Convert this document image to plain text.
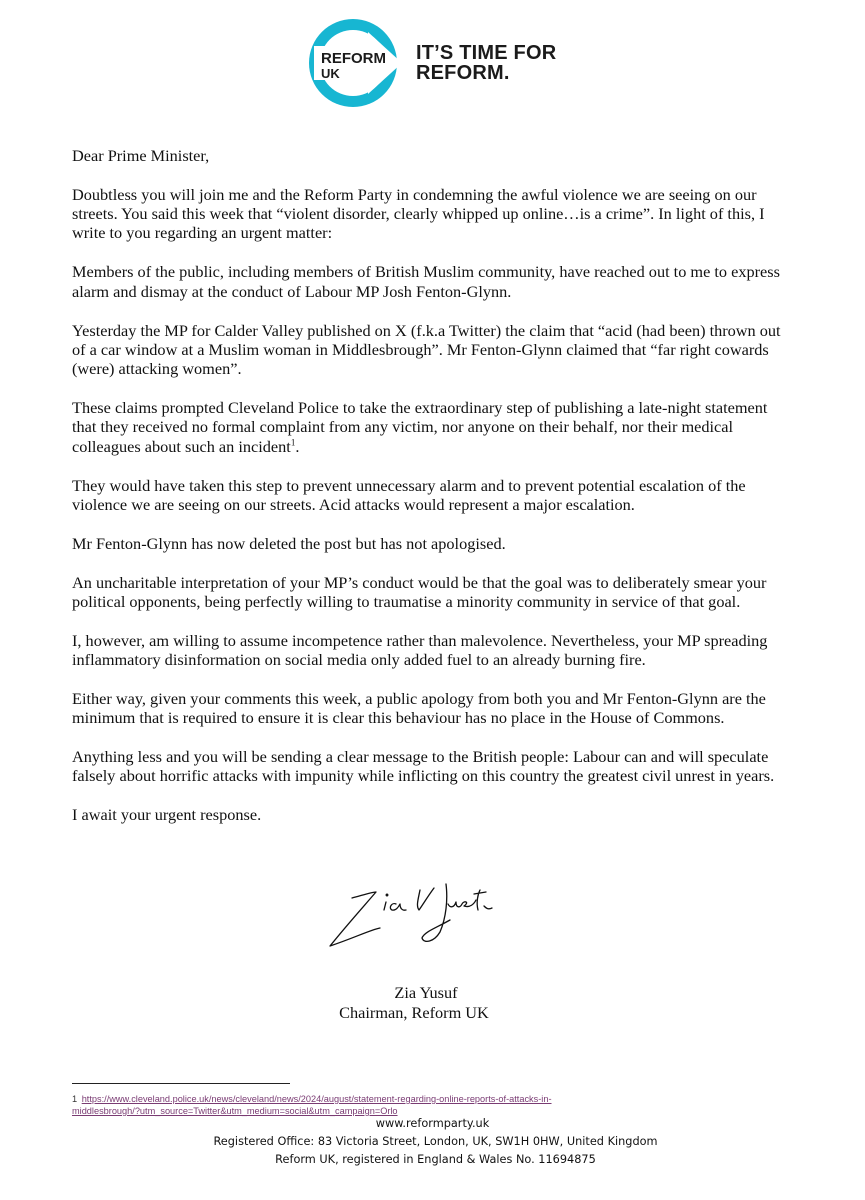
REFORM
UK
IT’S TIME FOR
REFORM.

Dear Prime Minister,

Doubtless you will join me and the Reform Party in condemning the awful violence we are seeing on our streets. You said this week that “violent disorder, clearly whipped up online…is a crime”. In light of this, I write to you regarding an urgent matter:

Members of the public, including members of British Muslim community, have reached out to me to express alarm and dismay at the conduct of Labour MP Josh Fenton-Glynn.

Yesterday the MP for Calder Valley published on X (f.k.a Twitter) the claim that “acid (had been) thrown out of a car window at a Muslim woman in Middlesbrough”. Mr Fenton-Glynn claimed that “far right cowards (were) attacking women”.

These claims prompted Cleveland Police to take the extraordinary step of publishing a late-night statement that they received no formal complaint from any victim, nor anyone on their behalf, nor their medical colleagues about such an incident$^1$.

They would have taken this step to prevent unnecessary alarm and to prevent potential escalation of the violence we are seeing on our streets. Acid attacks would represent a major escalation.

Mr Fenton-Glynn has now deleted the post but has not apologised.

An uncharitable interpretation of your MP’s conduct would be that the goal was to deliberately smear your political opponents, being perfectly willing to traumatise a minority community in service of that goal.

I, however, am willing to assume incompetence rather than malevolence. Nevertheless, your MP spreading inflammatory disinformation on social media only added fuel to an already burning fire.

Either way, given your comments this week, a public apology from both you and Mr Fenton-Glynn are the minimum that is required to ensure it is clear this behaviour has no place in the House of Commons.

Anything less and you will be sending a clear message to the British people: Labour can and will speculate falsely about horrific attacks with impunity while inflicting on this country the greatest civil unrest in years.

I await your urgent response.

Zia Yusuf
Chairman, Reform UK
1 https://www.cleveland.police.uk/news/cleveland/news/2024/august/statement-regarding-online-reports-of-attacks-in-
middlesbrough/?utm_source=Twitter&utm_medium=social&utm_campaign=Orlo
www.reformparty.uk
Registered Office: 83 Victoria Street, London, UK, SW1H 0HW, United Kingdom
Reform UK, registered in England & Wales No. 11694875
